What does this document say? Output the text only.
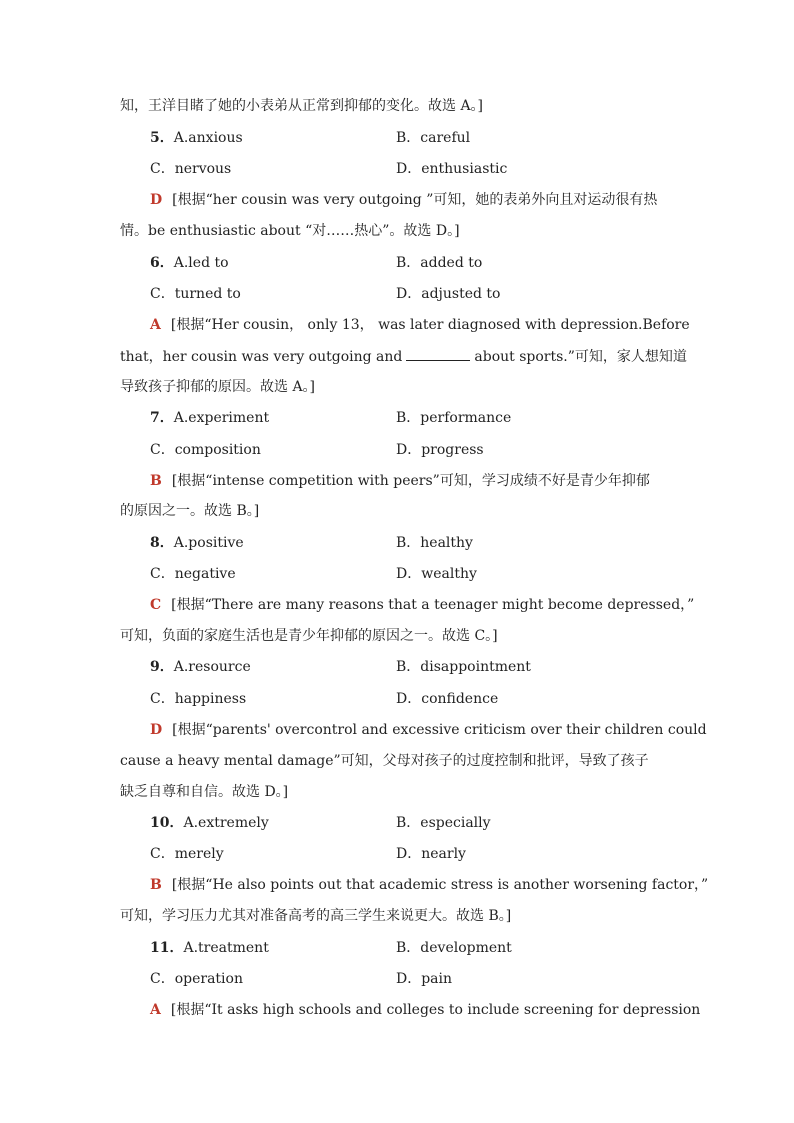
知，王洋目睹了她的小表弟从正常到抑郁的变化。故选 A。]
5．A.anxious	B．careful
C．nervous	D．enthusiastic
D [根据“her cousin was very outgoing ”可知，她的表弟外向且对运动很有热
情。be enthusiastic about “对……热心”。故选 D。]
6．A.led to	B．added to
C．turned to	D．adjusted to
A [根据“Her cousin， only 13， was later diagnosed with depression.Before
that，her cousin was very outgoing and	about sports.”可知，家人想知道
导致孩子抑郁的原因。故选 A。]
7．A.experiment	B．performance
C．composition	D．progress
B [根据“intense competition with peers”可知，学习成绩不好是青少年抑郁
的原因之一。故选 B。]
8．A.positive	B．healthy
C．negative	D．wealthy
C [根据“There are many reasons that a teenager might become depressed，”
可知，负面的家庭生活也是青少年抑郁的原因之一。故选 C。]
9．A.resource	B．disappointment
C．happiness	D．confidence
D [根据“parents' overcontrol and excessive criticism over their children could
cause a heavy mental damage”可知，父母对孩子的过度控制和批评，导致了孩子
缺乏自尊和自信。故选 D。]
10．A.extremely	B．especially
C．merely	D．nearly
B [根据“He also points out that academic stress is another worsening factor，”
可知，学习压力尤其对准备高考的高三学生来说更大。故选 B。]
11．A.treatment	B．development
C．operation	D．pain
A [根据“It asks high schools and colleges to include screening for depression
